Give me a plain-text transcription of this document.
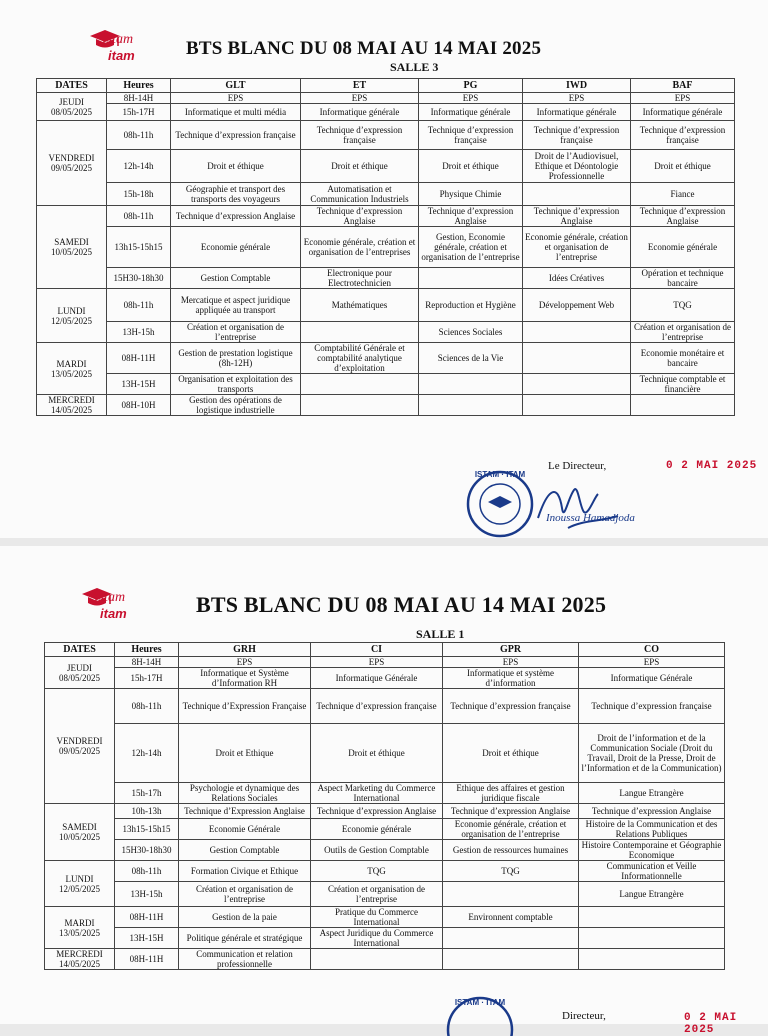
Istam
itam	BTS BLANC DU 08 MAI AU 14 MAI 2025
SALLE 3
DATES	Heures	GLT	ET	PG	IWD	BAF
JEUDI
08/05/2025	8H-14H	EPS	EPS	EPS	EPS	EPS
	15h-17H	Informatique et multi média	Informatique générale	Informatique générale	Informatique générale	Informatique générale
VENDREDI
09/05/2025	08h-11h	Technique d’expression française	Technique d’expression française	Technique d’expression française	Technique d’expression française	Technique d’expression française
	12h-14h	Droit et éthique	Droit et éthique	Droit et éthique	Droit de l’Audiovisuel, Ethique et Déontologie Professionnelle	Droit et éthique
	15h-18h	Géographie et transport des transports des voyageurs	Automatisation et Communication Industriels	Physique Chimie		Fiance
SAMEDI
10/05/2025	08h-11h	Technique d’expression Anglaise	Technique d’expression Anglaise	Technique d’expression Anglaise	Technique d’expression Anglaise	Technique d’expression Anglaise
	13h15-15h15	Economie générale	Economie générale, création et organisation de l’entreprises	Gestion, Economie générale, création et organisation de l’entreprise	Economie générale, création et organisation de l’entreprise	Economie générale
	15H30-18h30	Gestion Comptable	Electronique pour Electrotechnicien		Idées Créatives	Opération et technique bancaire
LUNDI
12/05/2025	08h-11h	Mercatique et aspect juridique appliquée au transport	Mathématiques	Reproduction et Hygiène	Développement Web	TQG
	13H-15h	Création et organisation de l’entreprise		Sciences Sociales		Création et organisation de l’entreprise
MARDI
13/05/2025	08H-11H	Gestion de prestation logistique (8h-12H)	Comptabilité Générale et comptabilité analytique d’exploitation	Sciences de la Vie		Economie monétaire et bancaire
	13H-15H	Organisation et exploitation des transports				Technique comptable et financière
MERCREDI
14/05/2025	08H-10H	Gestion des opérations de logistique industrielle				
Le Directeur,	0 2 MAI 2025
ISTAM · ITAM
Inoussa Hamadjoda
Istam
itam	BTS BLANC DU 08 MAI AU 14 MAI 2025
SALLE 1
ISTAM · ITAM
Directeur,	0 2 MAI 2025
DATES	Heures	GRH	CI	GPR	CO
JEUDI
08/05/2025	8H-14H	EPS	EPS	EPS	EPS
	15h-17H	Informatique et Système d’Information RH	Informatique Générale	Informatique et système d’information	Informatique Générale
VENDREDI
09/05/2025	08h-11h	Technique d’Expression Française	Technique d’expression française	Technique d’expression française	Technique d’expression française
	12h-14h	Droit et Ethique	Droit et éthique	Droit et éthique	Droit de l’information et de la Communication Sociale (Droit du Travail, Droit de la Presse, Droit de l’Information et de la Communication)
	15h-17h	Psychologie et dynamique des Relations Sociales	Aspect Marketing du Commerce International	Ethique des affaires et gestion juridique fiscale	Langue Etrangère
SAMEDI
10/05/2025	10h-13h	Technique d’Expression Anglaise	Technique d’expression Anglaise	Technique d’expression Anglaise	Technique d’expression Anglaise
	13h15-15h15	Economie Générale	Economie générale	Economie générale, création et organisation de l’entreprise	Histoire de la Communication et des Relations Publiques
	15H30-18h30	Gestion Comptable	Outils de Gestion Comptable	Gestion de ressources humaines	Histoire Contemporaine et Géographie Economique
LUNDI
12/05/2025	08h-11h	Formation Civique et Ethique	TQG	TQG	Communication et Veille Informationnelle
	13H-15h	Création et organisation de l’entreprise	Création et organisation de l’entreprise		Langue Etrangère
MARDI
13/05/2025	08H-11H	Gestion de la paie	Pratique du Commerce International	Environnent comptable	
	13H-15H	Politique générale et stratégique	Aspect Juridique du Commerce International		
MERCREDI
14/05/2025	08H-11H	Communication et relation professionnelle			
